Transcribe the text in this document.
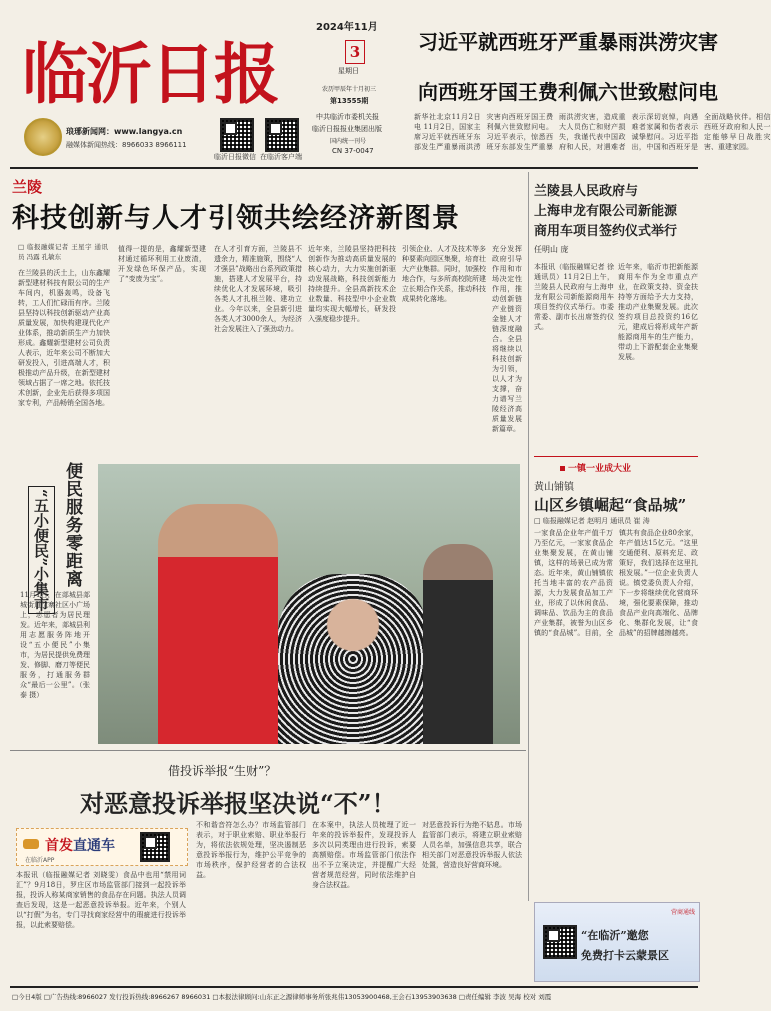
临沂日报
琅琊新闻网：www.langya.cn
融媒体新闻热线：8966033 8966111
2024年11月
3
星期日
农历甲辰年十月初三
第13555期
中共临沂市委机关报
临沂日报报业集团出版
国内统一刊号
CN 37-0047
临沂日报微信 在临沂客户端
习近平就西班牙严重暴雨洪涝灾害
向西班牙国王费利佩六世致慰问电
新华社北京11月2日电 11月2日，国家主席习近平就西班牙东部发生严重暴雨洪涝灾害向西班牙国王费利佩六世致慰问电。习近平表示，惊悉西班牙东部发生严重暴雨洪涝灾害，造成重大人员伤亡和财产损失，我谨代表中国政府和人民，对遇难者表示深切哀悼，向遇难者家属和伤者表示诚挚慰问。习近平指出，中国和西班牙是全面战略伙伴。相信西班牙政府和人民一定能够早日战胜灾害、重建家园。
兰陵
科技创新与人才引领共绘经济新图景
□ 临报融媒记者 王星宇 通讯员 冯露 孔敏东
在兰陵县的沃土上，山东鑫耀新型建材科技有限公司的生产车间内，机器轰鸣，设备飞转，工人们忙碌而有序。兰陵县坚持以科技创新驱动产业高质量发展，加快构建现代化产业体系，推动新质生产力加快形成。鑫耀新型建材公司负责人表示，近年来公司不断加大研发投入，引进高端人才，积极推动产品升级，在新型建材领域占据了一席之地。依托技术创新，企业先后获得多项国家专利，产品畅销全国各地。
值得一提的是，鑫耀新型建材通过循环利用工业废渣，开发绿色环保产品，实现了“变废为宝”。
在人才引育方面，兰陵县不遗余力，精准施策，围绕“人才强县”战略出台系列政策措施，搭建人才发展平台，持续优化人才发展环境，吸引各类人才扎根兰陵、建功立业。今年以来，全县新引进各类人才3000余人，为经济社会发展注入了强劲动力。
近年来，兰陵县坚持把科技创新作为推动高质量发展的核心动力，大力实施创新驱动发展战略，科技创新能力持续提升。全县高新技术企业数量、科技型中小企业数量均实现大幅增长，研发投入强度稳步提升。
引领企业、人才及技术等多种要素向园区集聚，培育壮大产业集群。同时，加强校地合作，与多所高校院所建立长期合作关系，推动科技成果转化落地。
充分发挥政府引导作用和市场决定性作用，推动创新链产业链资金链人才链深度融合。全县将继续以科技创新为引领，以人才为支撑，奋力谱写兰陵经济高质量发展新篇章。
兰陵县人民政府与
上海申龙有限公司新能源
商用车项目签约仪式举行
任明山 庞
本报讯（临报融媒记者 徐 通讯员）11月2日上午，兰陵县人民政府与上海申龙有限公司新能源商用车项目签约仪式举行。市委常委、副市长出席签约仪式。
近年来，临沂市把新能源商用车作为全市重点产业，在政策支持、资金扶持等方面给予大力支持，推动产业集聚发展。此次签约项目总投资约16亿元，建成后将形成年产新能源商用车的生产能力，带动上下游配套企业集聚发展。
一镇一业成大业
黄山铺镇
山区乡镇崛起“食品城”
□ 临报融媒记者 赵明月 通讯员 崔 涛
一家食品企业年产值千万乃至亿元，一家家食品企业集聚发展，在黄山铺镇，这样的场景已成为常态。近年来，黄山铺镇依托当地丰富的农产品资源，大力发展食品加工产业，形成了以休闲食品、调味品、饮品为主的食品产业集群，被誉为山区乡镇的“食品城”。目前，全镇共有食品企业80余家，年产值达15亿元。“这里交通便利、原料充足、政策好，我们选择在这里扎根发展。”一位企业负责人说。镇党委负责人介绍，下一步将继续优化营商环境，强化要素保障，推动食品产业向高端化、品牌化、集群化发展，让“食品城”的招牌越擦越亮。
便民服务零距离
“五小便民”小集市
11月1日，在郯城县郯城街道沈寨社区小广场上，志愿者为居民理发。近年来，郯城县利用志愿服务阵地开设“五小便民”小集市，为居民提供免费理发、修脚、磨刀等便民服务，打通服务群众“最后一公里”。（张泰 摄）
借投诉举报“生财”？
对恶意投诉举报坚决说“不”！
首发直通车
在临沂APP
本报讯（临报融媒记者 刘晓雯）食品中也用“禁用词汇”？9月18日，罗庄区市场监管部门接到一起投诉举报，投诉人称某商家销售的食品存在问题。执法人员调查后发现，这是一起恶意投诉举报。近年来，个别人以“打假”为名，专门寻找商家经营中的瑕疵进行投诉举报，以此索要赔偿。
不和谐音符怎么办？市场监管部门表示，对于职业索赔、职业举报行为，将依法依规处理，坚决遏制恶意投诉举报行为，维护公平竞争的市场秩序，保护经营者的合法权益。
在本案中，执法人员梳理了近一年来的投诉举报件，发现投诉人多次以同类理由进行投诉，索要高额赔偿。市场监管部门依法作出不予立案决定，并提醒广大经营者规范经营，同时依法维护自身合法权益。
对恶意投诉行为绝不姑息。市场监管部门表示，将建立职业索赔人员名单，加强信息共享，联合相关部门对恶意投诉举报人依法处置，营造良好营商环境。
营商通线
“在临沂”邀您
免费打卡云蒙景区
□今日4版 □广告热线:8966027 发行投诉热线:8966267 8966031 □本报法律顾问:山东正之源律师事务所张兆伟13053900468,王会石13953903638 □责任编辑 李波 吴海 校对 刘霞
